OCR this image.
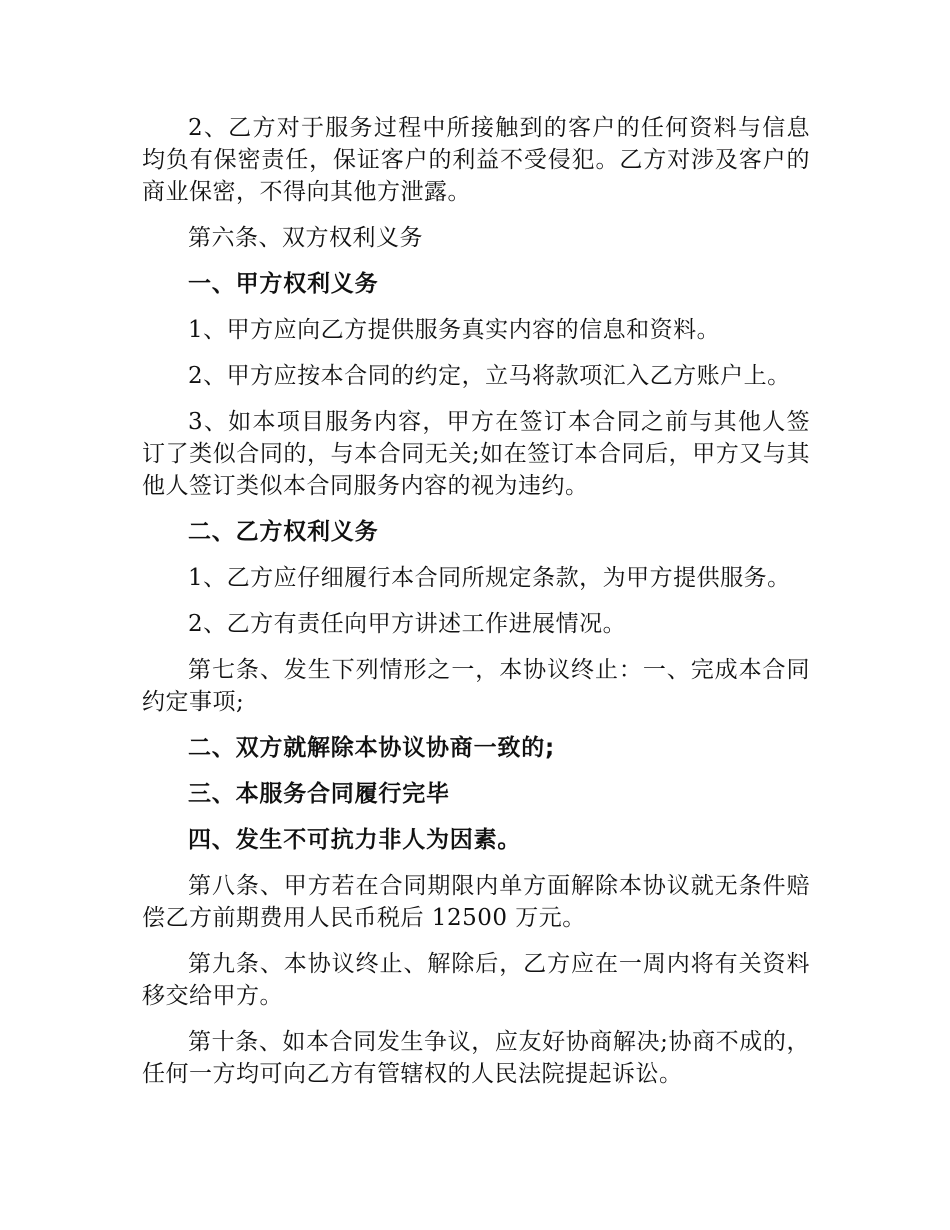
2、乙方对于服务过程中所接触到的客户的任何资料与信息均负有保密责任，保证客户的利益不受侵犯。乙方对涉及客户的商业保密，不得向其他方泄露。

第六条、双方权利义务

一、甲方权利义务

1、甲方应向乙方提供服务真实内容的信息和资料。

2、甲方应按本合同的约定，立马将款项汇入乙方账户上。

3、如本项目服务内容，甲方在签订本合同之前与其他人签订了类似合同的，与本合同无关;如在签订本合同后，甲方又与其他人签订类似本合同服务内容的视为违约。

二、乙方权利义务

1、乙方应仔细履行本合同所规定条款，为甲方提供服务。

2、乙方有责任向甲方讲述工作进展情况。

第七条、发生下列情形之一，本协议终止：一、完成本合同约定事项;

二、双方就解除本协议协商一致的;

三、本服务合同履行完毕

四、发生不可抗力非人为因素。

第八条、甲方若在合同期限内单方面解除本协议就无条件赔偿乙方前期费用人民币税后 12500 万元。

第九条、本协议终止、解除后，乙方应在一周内将有关资料移交给甲方。

第十条、如本合同发生争议，应友好协商解决;协商不成的，任何一方均可向乙方有管辖权的人民法院提起诉讼。
